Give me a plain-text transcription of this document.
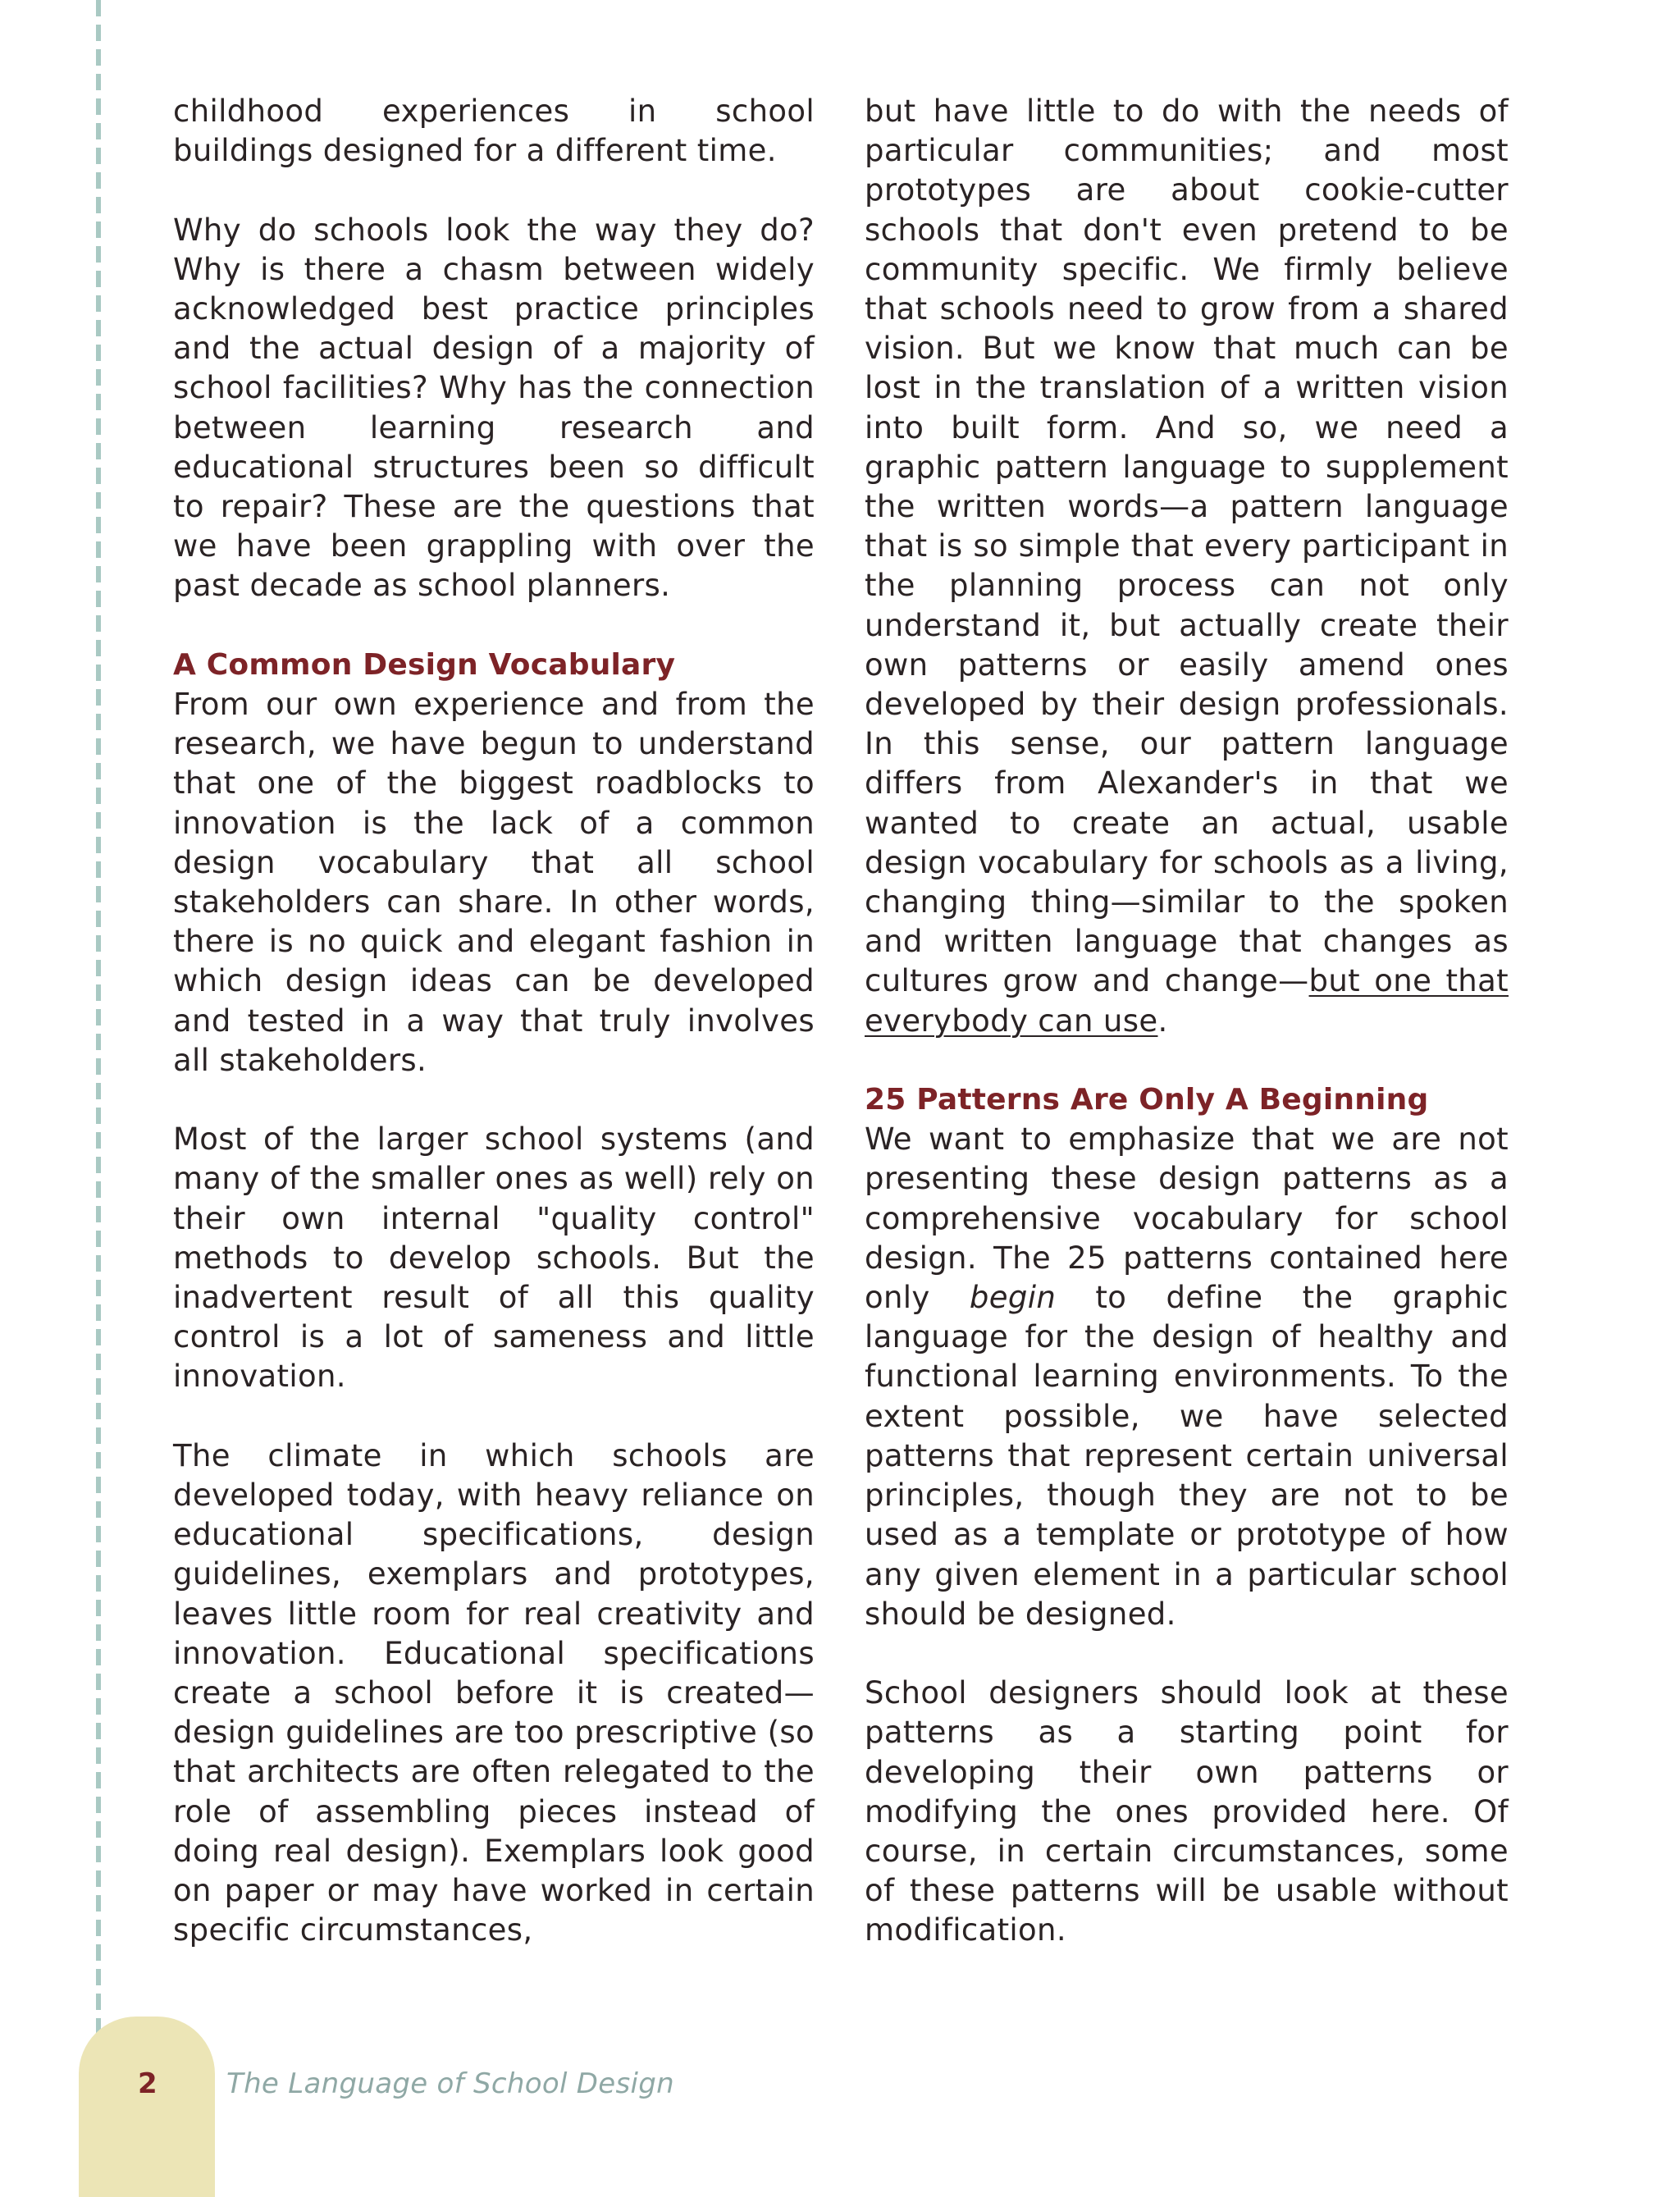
childhood experiences in school buildings designed for a different time.

Why do schools look the way they do? Why is there a chasm between widely acknowledged best practice principles and the actual design of a majority of school facilities? Why has the connection between learning research and educational structures been so difficult to repair? These are the questions that we have been grappling with over the past decade as school planners.

A Common Design Vocabulary

From our own experience and from the research, we have begun to understand that one of the biggest roadblocks to innovation is the lack of a common design vocabulary that all school stakeholders can share. In other words, there is no quick and elegant fashion in which design ideas can be developed and tested in a way that truly involves all stakeholders.

Most of the larger school systems (and many of the smaller ones as well) rely on their own internal "quality control" methods to develop schools. But the inadvertent result of all this quality control is a lot of sameness and little innovation.

The climate in which schools are developed today, with heavy reliance on educational specifications, design guidelines, exemplars and prototypes, leaves little room for real creativity and innovation. Educational specifications create a school before it is created—design guidelines are too prescriptive (so that architects are often relegated to the role of assembling pieces instead of doing real design). Exemplars look good on paper or may have worked in certain specific circumstances,

but have little to do with the needs of particular communities; and most prototypes are about cookie-cutter schools that don't even pretend to be community specific. We firmly believe that schools need to grow from a shared vision. But we know that much can be lost in the translation of a written vision into built form. And so, we need a graphic pattern language to supplement the written words—a pattern language that is so simple that every participant in the planning process can not only understand it, but actually create their own patterns or easily amend ones developed by their design professionals. In this sense, our pattern language differs from Alexander's in that we wanted to create an actual, usable design vocabulary for schools as a living, changing thing—similar to the spoken and written language that changes as cultures grow and change—but one that everybody can use.

25 Patterns Are Only A Beginning

We want to emphasize that we are not presenting these design patterns as a comprehensive vocabulary for school design. The 25 patterns contained here only begin to define the graphic language for the design of healthy and functional learning environments. To the extent possible, we have selected patterns that represent certain universal principles, though they are not to be used as a template or prototype of how any given element in a particular school should be designed.

School designers should look at these patterns as a starting point for developing their own patterns or modifying the ones provided here. Of course, in certain circumstances, some of these patterns will be usable without modification.

2 The Language of School Design
